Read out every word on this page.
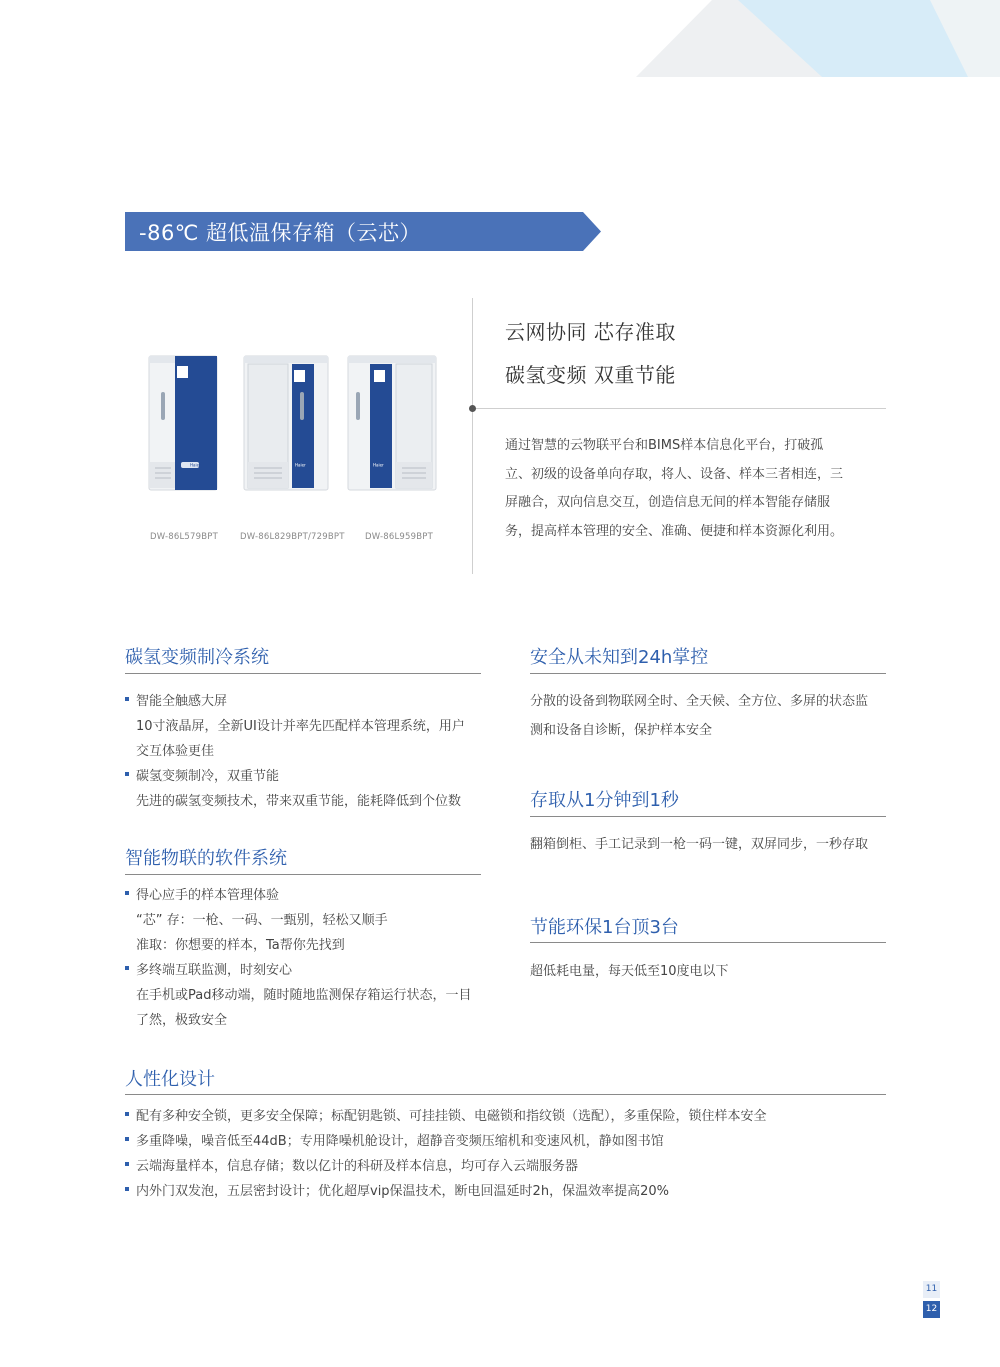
-86℃ 超低温保存箱（云芯）
Haier	Haier	Haier
DW-86L579BPT	DW-86L829BPT/729BPT DW-86L959BPT
云网协同 芯存准取
碳氢变频 双重节能
通过智慧的云物联平台和BIMS样本信息化平台，打破孤
立、初级的设备单向存取，将人、设备、样本三者相连，三
屏融合，双向信息交互，创造信息无间的样本智能存储服
务，提高样本管理的安全、准确、便捷和样本资源化利用。
碳氢变频制冷系统
智能全触感大屏
10寸液晶屏，全新UI设计并率先匹配样本管理系统，用户
交互体验更佳
碳氢变频制冷，双重节能
先进的碳氢变频技术，带来双重节能，能耗降低到个位数
智能物联的软件系统
得心应手的样本管理体验
“芯” 存：一枪、一码、一甄别，轻松又顺手
准取：你想要的样本，Ta帮你先找到
多终端互联监测，时刻安心
在手机或Pad移动端，随时随地监测保存箱运行状态，一目
了然，极致安全
安全从未知到24h掌控
分散的设备到物联网全时、全天候、全方位、多屏的状态监
测和设备自诊断，保护样本安全
存取从1分钟到1秒
翻箱倒柜、手工记录到一枪一码一键，双屏同步，一秒存取
节能环保1台顶3台
超低耗电量，每天低至10度电以下
人性化设计
配有多种安全锁，更多安全保障；标配钥匙锁、可挂挂锁、电磁锁和指纹锁（选配），多重保险，锁住样本安全
多重降噪，噪音低至44dB；专用降噪机舱设计，超静音变频压缩机和变速风机，静如图书馆
云端海量样本，信息存储；数以亿计的科研及样本信息，均可存入云端服务器
内外门双发泡，五层密封设计；优化超厚vip保温技术，断电回温延时2h，保温效率提高20%
11
12
